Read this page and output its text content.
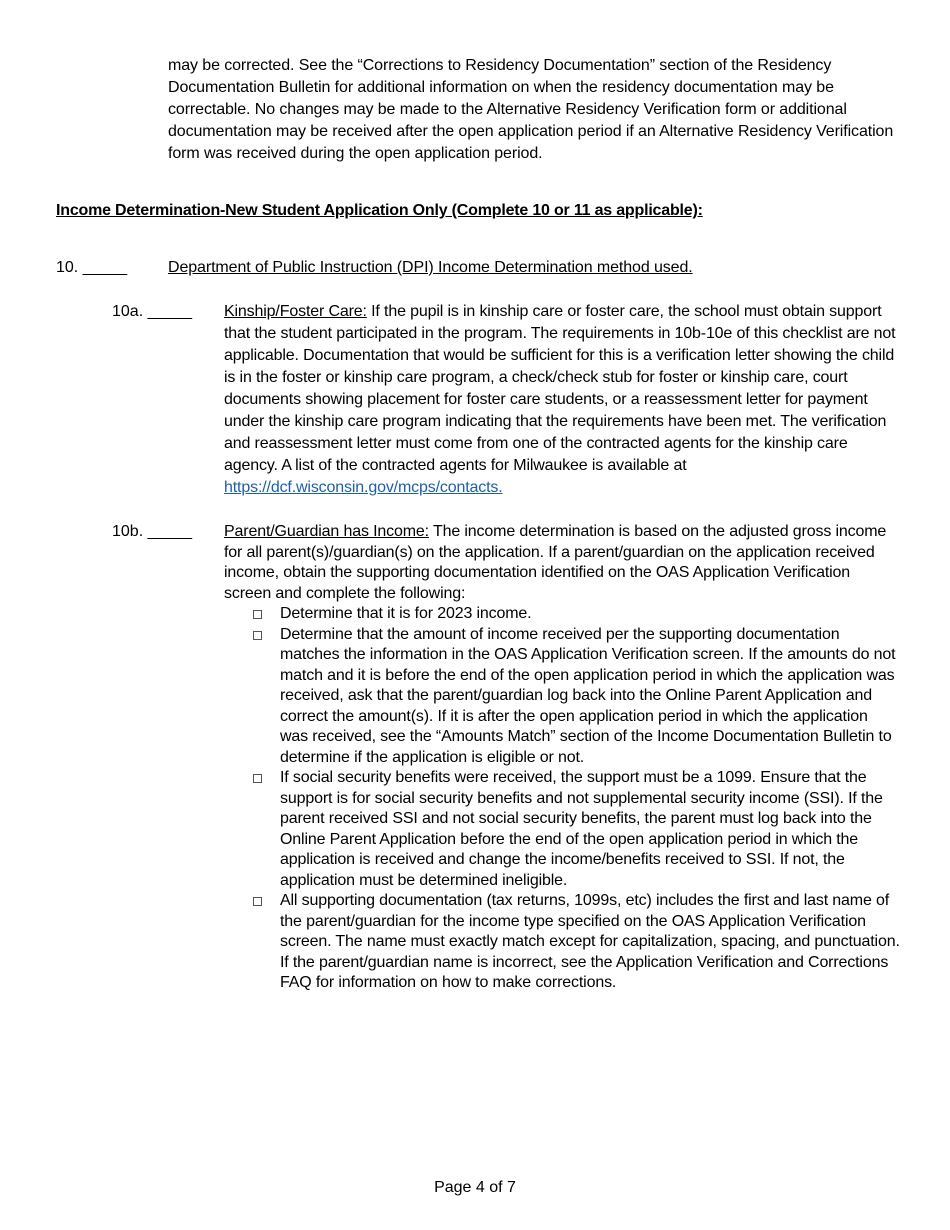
may be corrected. See the “Corrections to Residency Documentation” section of the Residency Documentation Bulletin for additional information on when the residency documentation may be correctable. No changes may be made to the Alternative Residency Verification form or additional documentation may be received after the open application period if an Alternative Residency Verification form was received during the open application period.

Income Determination-New Student Application Only (Complete 10 or 11 as applicable):
10. _____	Department of Public Instruction (DPI) Income Determination method used.
10a. _____ Kinship/Foster Care: If the pupil is in kinship care or foster care, the school must obtain support that the student participated in the program. The requirements in 10b-10e of this checklist are not applicable. Documentation that would be sufficient for this is a verification letter showing the child is in the foster or kinship care program, a check/check stub for foster or kinship care, court documents showing placement for foster care students, or a reassessment letter for payment under the kinship care program indicating that the requirements have been met. The verification and reassessment letter must come from one of the contracted agents for the kinship care agency. A list of the contracted agents for Milwaukee is available at https://dcf.wisconsin.gov/mcps/contacts.
10b. _____ Parent/Guardian has Income: The income determination is based on the adjusted gross income for all parent(s)/guardian(s) on the application. If a parent/guardian on the application received income, obtain the supporting documentation identified on the OAS Application Verification screen and complete the following:
Determine that it is for 2023 income.
Determine that the amount of income received per the supporting documentation matches the information in the OAS Application Verification screen. If the amounts do not match and it is before the end of the open application period in which the application was received, ask that the parent/guardian log back into the Online Parent Application and correct the amount(s). If it is after the open application period in which the application was received, see the “Amounts Match” section of the Income Documentation Bulletin to determine if the application is eligible or not.
If social security benefits were received, the support must be a 1099. Ensure that the support is for social security benefits and not supplemental security income (SSI). If the parent received SSI and not social security benefits, the parent must log back into the Online Parent Application before the end of the open application period in which the application is received and change the income/benefits received to SSI. If not, the application must be determined ineligible.
All supporting documentation (tax returns, 1099s, etc) includes the first and last name of the parent/guardian for the income type specified on the OAS Application Verification screen. The name must exactly match except for capitalization, spacing, and punctuation. If the parent/guardian name is incorrect, see the Application Verification and Corrections FAQ for information on how to make corrections.
Page 4 of 7
